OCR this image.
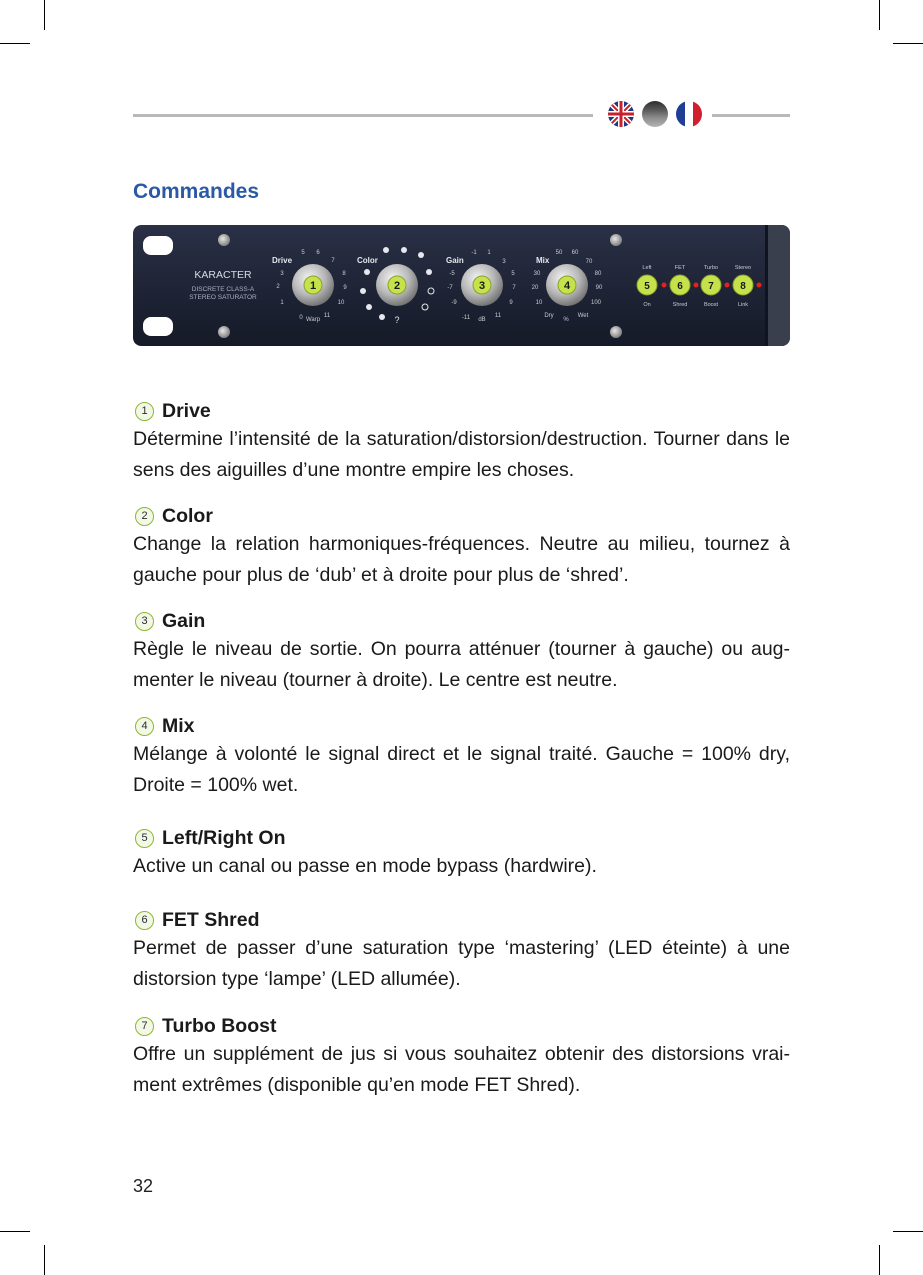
Commandes
KARACTER
DISCRETE CLASS-A
STEREO SATURATOR
Drive
0
1
2
3
5 6
7
8
9
10
11
Warp
1
Color
?
2
Gain
-11
-9
-7
-5
-1 1
3
5
7
9
11
dB
3
Mix
10
20
30
50 60
70
80
90
100
Dry	Wet
%
4
Left
On
FET
Shred
Turbo
Boost
Stereo
Link
5	6	7	8
1 Drive

Détermine l’intensité de la saturation/distorsion/destruction. Tourner dans le sens des aiguilles d’une montre empire les choses.

2 Color

Change la relation harmoniques-fréquences. Neutre au milieu, tournez à gauche pour plus de ‘dub’ et à droite pour plus de ‘shred’.

3 Gain

Règle le niveau de sortie. On pourra atténuer (tourner à gauche) ou aug-menter le niveau (tourner à droite). Le centre est neutre.

4 Mix

Mélange à volonté le signal direct et le signal traité. Gauche = 100% dry, Droite = 100% wet.

5 Left/Right On

Active un canal ou passe en mode bypass (hardwire).

6 FET Shred

Permet de passer d’une saturation type ‘mastering’ (LED éteinte) à une distorsion type ‘lampe’ (LED allumée).

7 Turbo Boost

Offre un supplément de jus si vous souhaitez obtenir des distorsions vrai-ment extrêmes (disponible qu’en mode FET Shred).

32
